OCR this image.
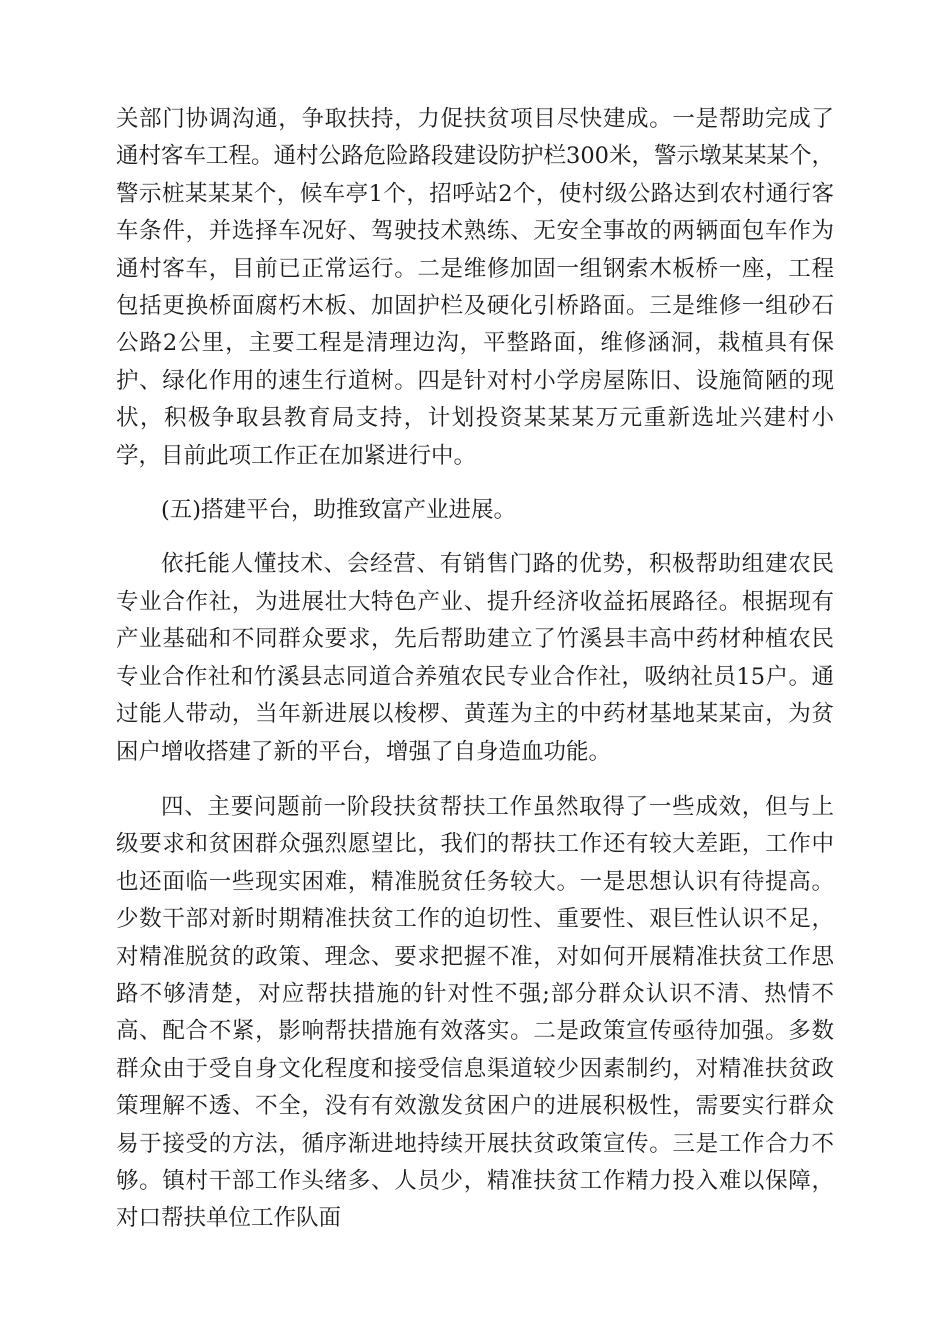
关部门协调沟通，争取扶持，力促扶贫项目尽快建成。一是帮助完成了通村客车工程。通村公路危险路段建设防护栏300米，警示墩某某某个，警示桩某某某个，候车亭1个，招呼站2个，使村级公路达到农村通行客车条件，并选择车况好、驾驶技术熟练、无安全事故的两辆面包车作为通村客车，目前已正常运行。二是维修加固一组钢索木板桥一座，工程包括更换桥面腐朽木板、加固护栏及硬化引桥路面。三是维修一组砂石公路2公里，主要工程是清理边沟，平整路面，维修涵洞，栽植具有保护、绿化作用的速生行道树。四是针对村小学房屋陈旧、设施简陋的现状，积极争取县教育局支持，计划投资某某某万元重新选址兴建村小学，目前此项工作正在加紧进行中。

(五)搭建平台，助推致富产业进展。

依托能人懂技术、会经营、有销售门路的优势，积极帮助组建农民专业合作社，为进展壮大特色产业、提升经济收益拓展路径。根据现有产业基础和不同群众要求，先后帮助建立了竹溪县丰高中药材种植农民专业合作社和竹溪县志同道合养殖农民专业合作社，吸纳社员15户。通过能人带动，当年新进展以梭椤、黄莲为主的中药材基地某某亩，为贫困户增收搭建了新的平台，增强了自身造血功能。

四、主要问题前一阶段扶贫帮扶工作虽然取得了一些成效，但与上级要求和贫困群众强烈愿望比，我们的帮扶工作还有较大差距，工作中也还面临一些现实困难，精准脱贫任务较大。一是思想认识有待提高。少数干部对新时期精准扶贫工作的迫切性、重要性、艰巨性认识不足，对精准脱贫的政策、理念、要求把握不准，对如何开展精准扶贫工作思路不够清楚，对应帮扶措施的针对性不强;部分群众认识不清、热情不高、配合不紧，影响帮扶措施有效落实。二是政策宣传亟待加强。多数群众由于受自身文化程度和接受信息渠道较少因素制约，对精准扶贫政策理解不透、不全，没有有效激发贫困户的进展积极性，需要实行群众易于接受的方法，循序渐进地持续开展扶贫政策宣传。三是工作合力不够。镇村干部工作头绪多、人员少，精准扶贫工作精力投入难以保障，对口帮扶单位工作队面
